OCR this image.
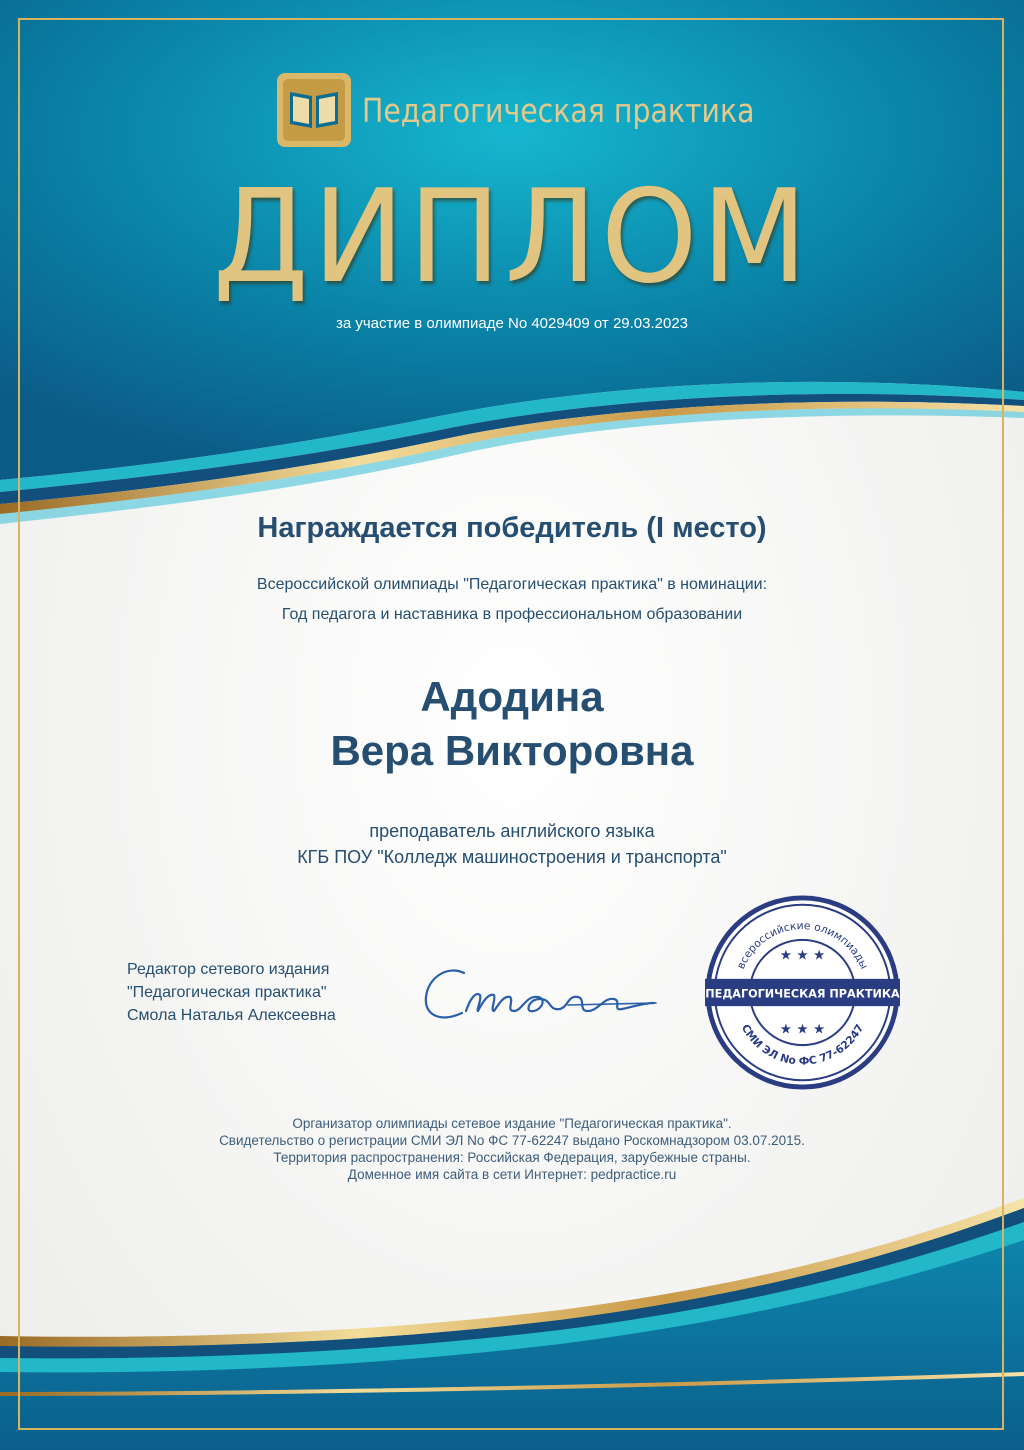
Педагогическая практика
ДИПЛОМ
за участие в олимпиаде No 4029409 от 29.03.2023
Награждается победитель (I место)
Всероссийской олимпиады "Педагогическая практика" в номинации:
Год педагога и наставника в профессиональном образовании
Адодина
Вера Викторовна
преподаватель английского языка
КГБ ПОУ "Колледж машиностроения и транспорта"
Редактор сетевого издания
"Педагогическая практика"
Смола Наталья Алексеевна
всероссийские олимпиады
★ ★ ★
ПЕДАГОГИЧЕСКАЯ ПРАКТИКА
★ ★ ★
СМИ ЭЛ No ФС 77-62247
Организатор олимпиады сетевое издание "Педагогическая практика".
Свидетельство о регистрации СМИ ЭЛ No ФС 77-62247 выдано Роскомнадзором 03.07.2015.
Территория распространения: Российская Федерация, зарубежные страны.
Доменное имя сайта в сети Интернет: pedpractice.ru
